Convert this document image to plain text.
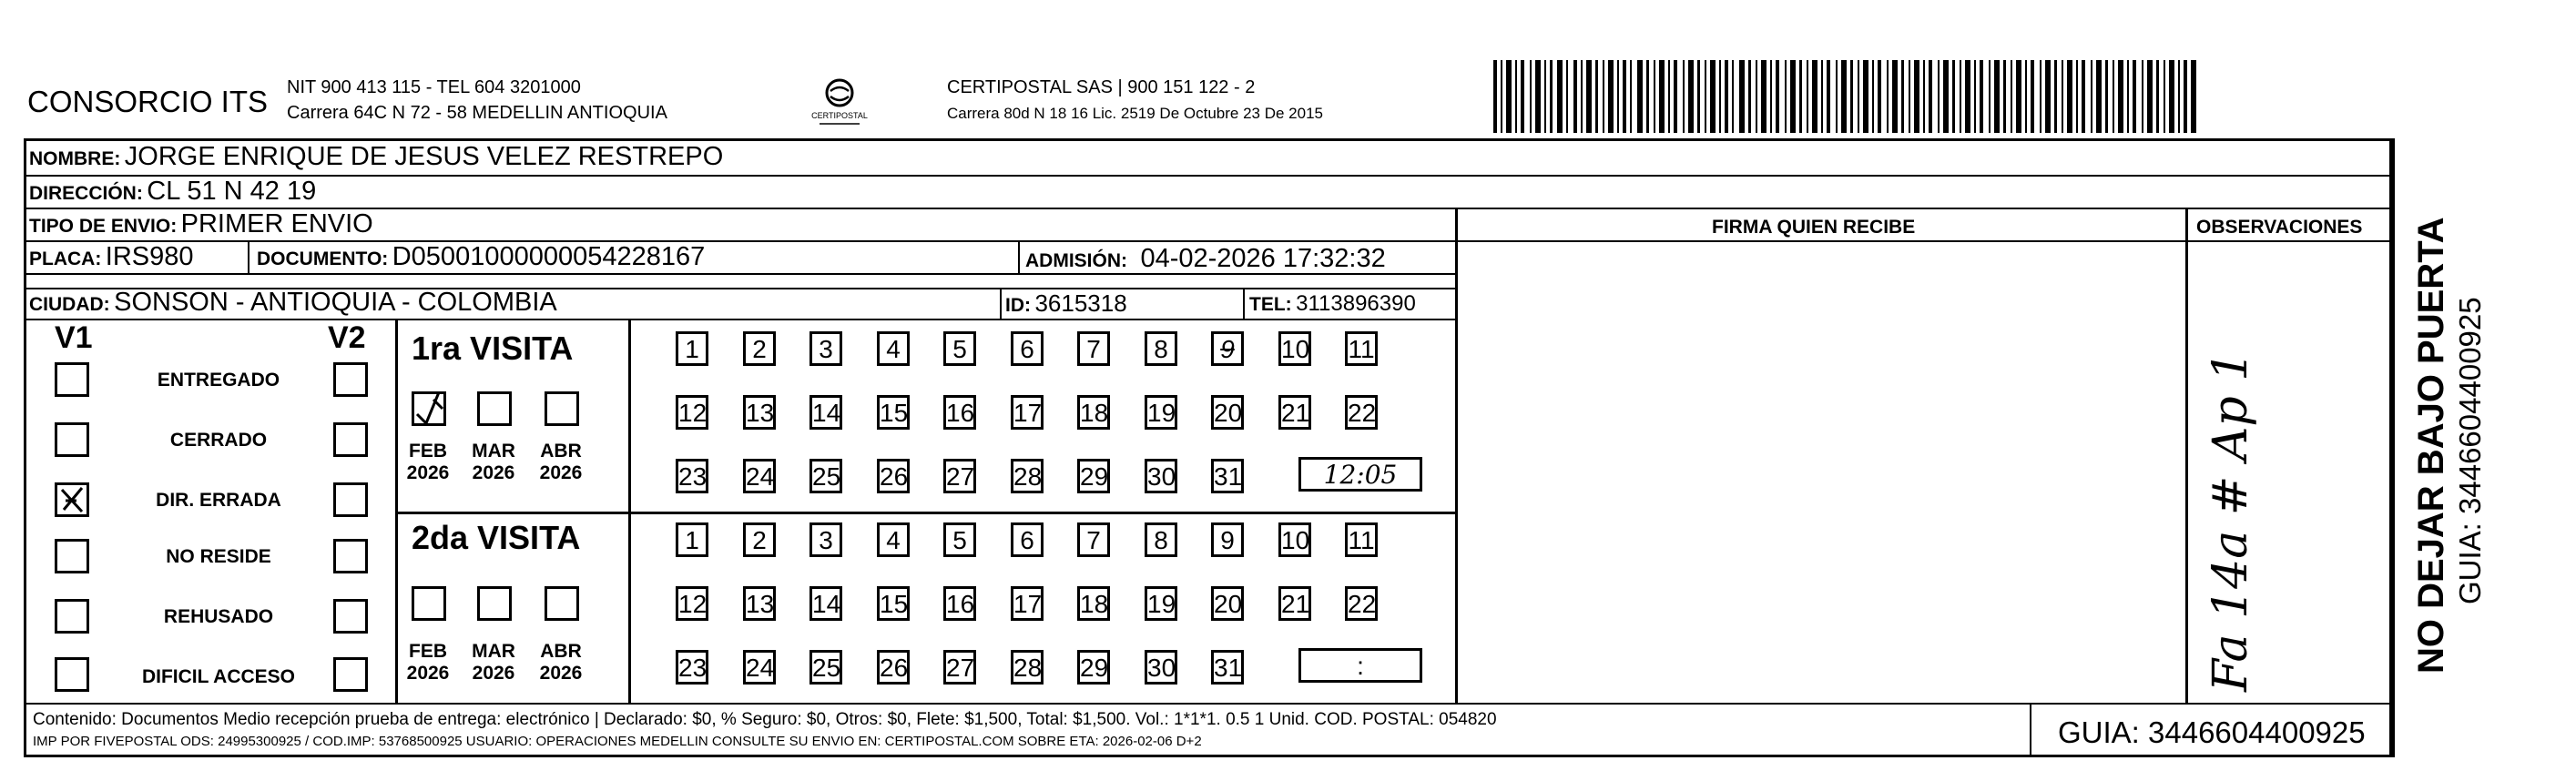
CONSORCIO ITS NIT 900 413 115 - TEL 604 3201000
Carrera 64C N 72 - 58 MEDELLIN ANTIOQUIA	CERTIPOSTAL
CERTIPOSTAL SAS | 900 151 122 - 2
Carrera 80d N 18 16 Lic. 2519 De Octubre 23 De 2015
NOMBRE: JORGE ENRIQUE DE JESUS VELEZ RESTREPO
DIRECCIÓN: CL 51 N 42 19
TIPO DE ENVIO: PRIMER ENVIO	FIRMA QUIEN RECIBE	OBSERVACIONES
PLACA: IRS980	DOCUMENTO: D05001000000054228167	ADMISIÓN: 04-02-2026 17:32:32
CIUDAD: SONSON - ANTIOQUIA - COLOMBIA	ID: 3615318	TEL: 3113896390
V1	V2
ENTREGADO
CERRADO
DIR. ERRADA
NO RESIDE
REHUSADO
DIFICIL ACCESO
1ra VISITA
FEB
2026
MAR
2026
ABR
2026
1	2	3	4	5	6	7	8	9	10 11
12 13 14 15 16 17 18 19 20 21 22
23 24 25 26 27 28 29 30 31	12:05
2da VISITA
FEB
2026
MAR
2026
ABR
2026
1	2	3	4	5	6	7	8	9	10 11
12 13 14 15 16 17 18 19 20 21 22
23 24 25 26 27 28 29 30 31	:	Fa 14a # Ap 1
Contenido: Documentos Medio recepción prueba de entrega: electrónico | Declarado: $0, % Seguro: $0, Otros: $0, Flete: $1,500, Total: $1,500. Vol.: 1*1*1. 0.5 1 Unid. COD. POSTAL: 054820
IMP POR FIVEPOSTAL ODS: 24995300925 / COD.IMP: 53768500925 USUARIO: OPERACIONES MEDELLIN CONSULTE SU ENVIO EN: CERTIPOSTAL.COM SOBRE ETA: 2026-02-06 D+2	GUIA: 3446604400925
NO DEJAR BAJO PUERTA GUIA: 3446604400925
